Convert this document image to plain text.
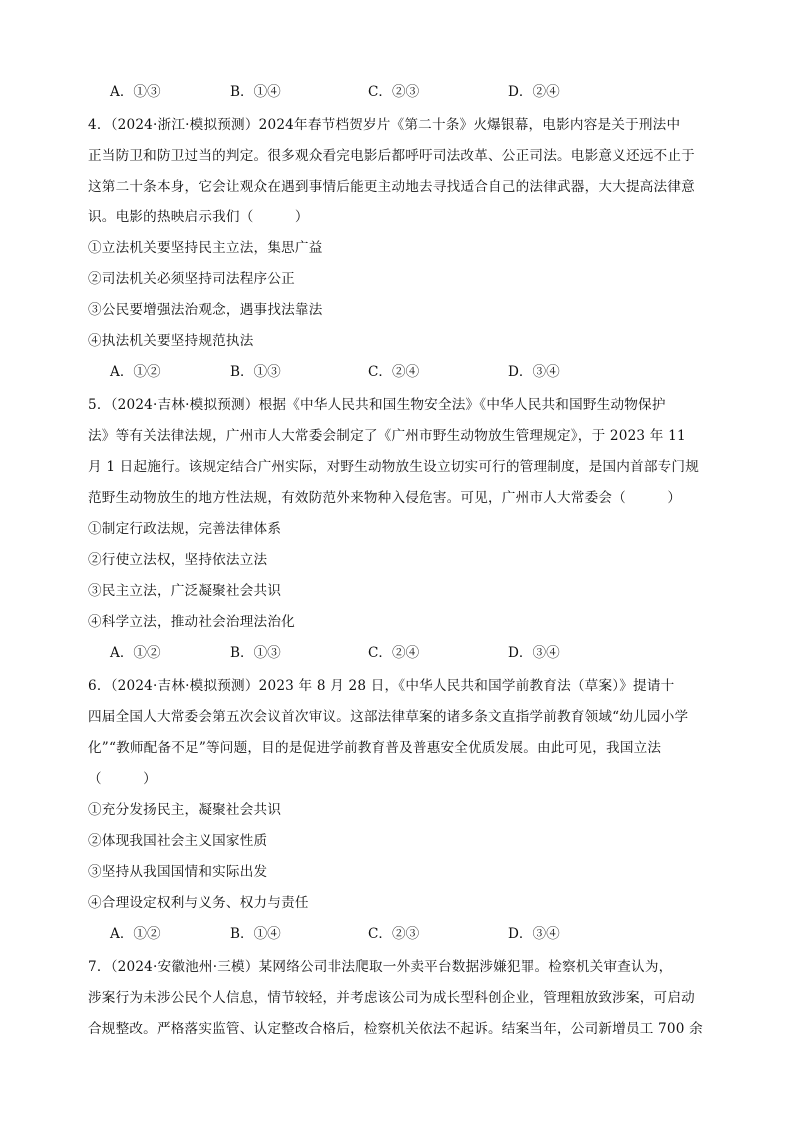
A．①③	B．①④	C．②③	D．②④
4．（2024·浙江·模拟预测）2024年春节档贺岁片《第二十条》火爆银幕，电影内容是关于刑法中
正当防卫和防卫过当的判定。很多观众看完电影后都呼吁司法改革、公正司法。电影意义还远不止于
这第二十条本身，它会让观众在遇到事情后能更主动地去寻找适合自己的法律武器，大大提高法律意
识。电影的热映启示我们（　　　）
①立法机关要坚持民主立法，集思广益
②司法机关必须坚持司法程序公正
③公民要增强法治观念，遇事找法靠法
④执法机关要坚持规范执法
A．①②	B．①③	C．②④	D．③④
5．（2024·吉林·模拟预测）根据《中华人民共和国生物安全法》《中华人民共和国野生动物保护
法》等有关法律法规，广州市人大常委会制定了《广州市野生动物放生管理规定》，于 2023 年 11
月 1 日起施行。该规定结合广州实际，对野生动物放生设立切实可行的管理制度，是国内首部专门规
范野生动物放生的地方性法规，有效防范外来物种入侵危害。可见，广州市人大常委会（　　　）
①制定行政法规，完善法律体系
②行使立法权，坚持依法立法
③民主立法，广泛凝聚社会共识
④科学立法，推动社会治理法治化
A．①②	B．①③	C．②④	D．③④
6．（2024·吉林·模拟预测）2023 年 8 月 28 日，《中华人民共和国学前教育法（草案）》提请十
四届全国人大常委会第五次会议首次审议。这部法律草案的诸多条文直指学前教育领域“幼儿园小学
化”“教师配备不足”等问题，目的是促进学前教育普及普惠安全优质发展。由此可见，我国立法
（　　　）
①充分发扬民主，凝聚社会共识
②体现我国社会主义国家性质
③坚持从我国国情和实际出发
④合理设定权利与义务、权力与责任
A．①②	B．①④	C．②③	D．③④
7．（2024·安徽池州·三模）某网络公司非法爬取一外卖平台数据涉嫌犯罪。检察机关审查认为，
涉案行为未涉公民个人信息，情节较轻，并考虑该公司为成长型科创企业，管理粗放致涉案，可启动
合规整改。严格落实监管、认定整改合格后，检察机关依法不起诉。结案当年，公司新增员工 700 余
